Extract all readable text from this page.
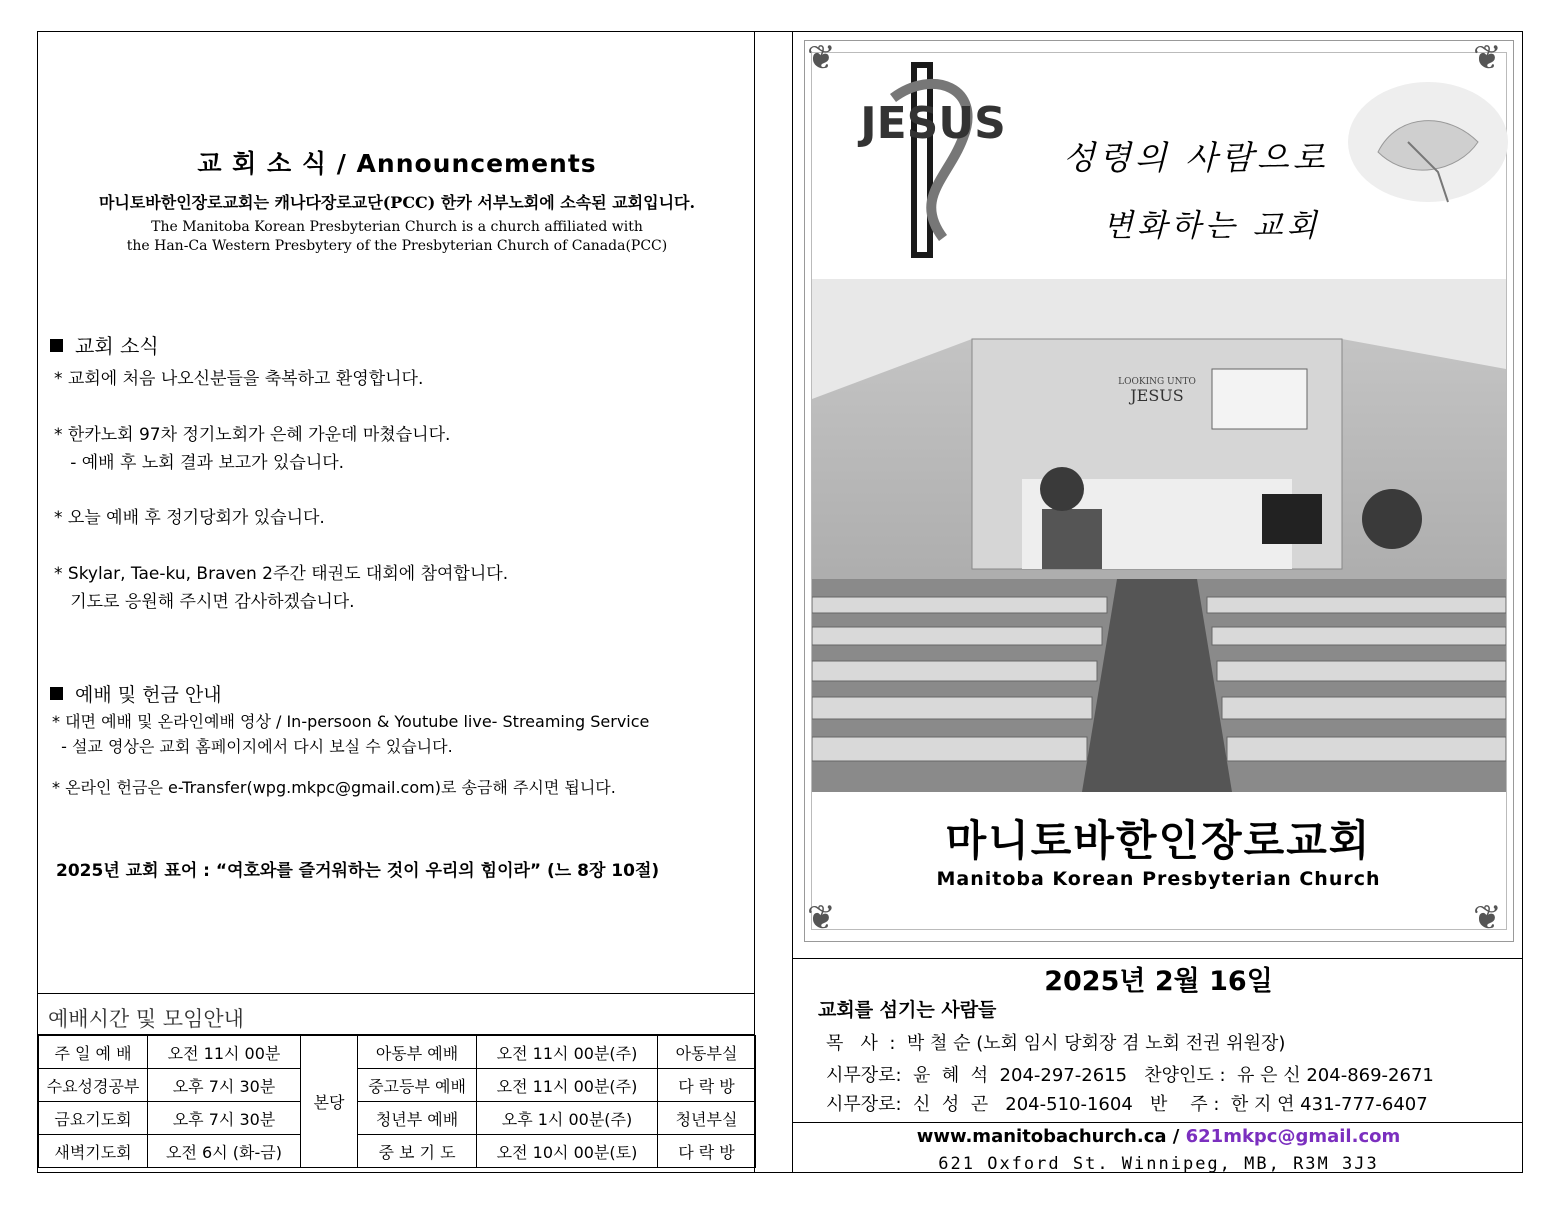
교 회 소 식 / Announcements
마니토바한인장로교회는 캐나다장로교단(PCC) 한카 서부노회에 소속된 교회입니다.
The Manitoba Korean Presbyterian Church is a church affiliated with
the Han-Ca Western Presbytery of the Presbyterian Church of Canada(PCC)
교회 소식
* 교회에 처음 나오신분들을 축복하고 환영합니다.
* 한카노회 97차 정기노회가 은혜 가운데 마쳤습니다.
- 예배 후 노회 결과 보고가 있습니다.
* 오늘 예배 후 정기당회가 있습니다.
* Skylar, Tae-ku, Braven 2주간 태권도 대회에 참여합니다.
기도로 응원해 주시면 감사하겠습니다.
예배 및 헌금 안내
* 대면 예배 및 온라인예배 영상 / In-persoon & Youtube live- Streaming Service
- 설교 영상은 교회 홈페이지에서 다시 보실 수 있습니다.
* 온라인 헌금은 e-Transfer(wpg.mkpc@gmail.com)로 송금해 주시면 됩니다.
2025년 교회 표어 : “여호와를 즐거워하는 것이 우리의 힘이라” (느 8장 10절)
예배시간 및 모임안내
주 일 예 배	오전 11시 00분	본당	아동부 예배	오전 11시 00분(주)	아동부실
수요성경공부	오후 7시 30분		중고등부 예배	오전 11시 00분(주)	다 락 방
금요기도회	오후 7시 30분		청년부 예배	오후 1시 00분(주)	청년부실
새벽기도회	오전 6시 (화-금)		중 보 기 도	오전 10시 00분(토)	다 락 방
❦	❦
❦	❦
JESUS
성령의 사람으로
변화하는 교회
LOOKING UNTO
JESUS
마니토바한인장로교회
Manitoba Korean Presbyterian Church
2025년 2월 16일
교회를 섬기는 사람들
목   사  :  박 철 순 (노회 임시 당회장 겸 노회 전권 위원장)
시무장로:  윤  혜  석  204-297-2615   찬양인도 :  유 은 신 204-869-2671
시무장로:  신  성  곤   204-510-1604   반    주 :  한 지 연 431-777-6407
www.manitobachurch.ca / 621mkpc@gmail.com
621 Oxford St. Winnipeg, MB, R3M 3J3
